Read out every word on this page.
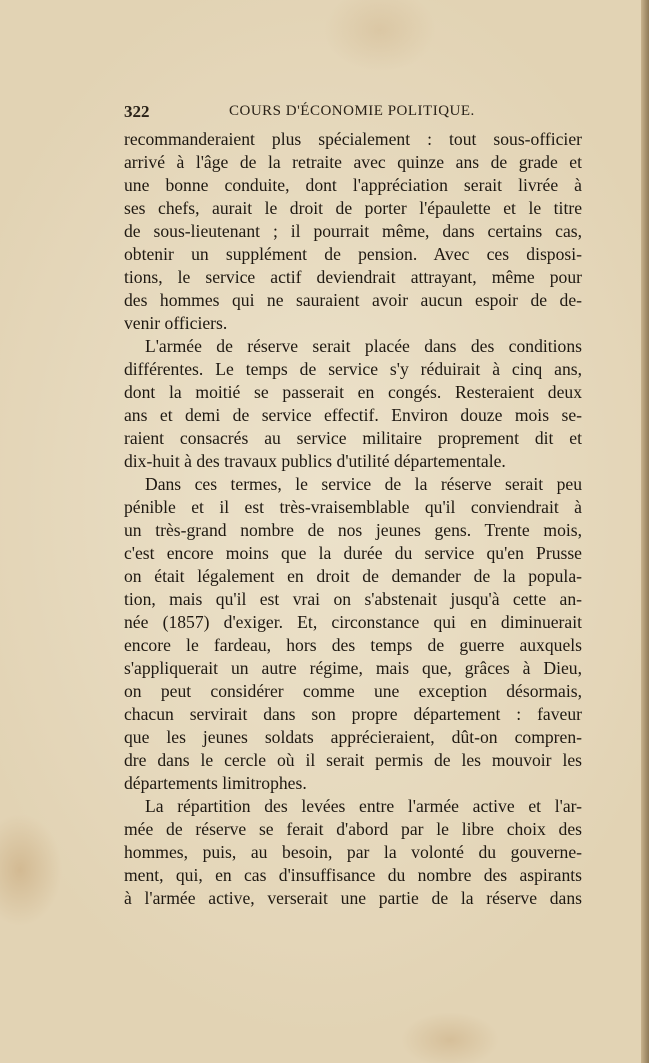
322	COURS D'ÉCONOMIE POLITIQUE.
recommanderaient plus spécialement : tout sous-officier
arrivé à l'âge de la retraite avec quinze ans de grade et
une bonne conduite, dont l'appréciation serait livrée à
ses chefs, aurait le droit de porter l'épaulette et le titre
de sous-lieutenant ; il pourrait même, dans certains cas,
obtenir un supplément de pension. Avec ces disposi-
tions, le service actif deviendrait attrayant, même pour
des hommes qui ne sauraient avoir aucun espoir de de-
venir officiers.
L'armée de réserve serait placée dans des conditions
différentes. Le temps de service s'y réduirait à cinq ans,
dont la moitié se passerait en congés. Resteraient deux
ans et demi de service effectif. Environ douze mois se-
raient consacrés au service militaire proprement dit et
dix-huit à des travaux publics d'utilité départementale.
Dans ces termes, le service de la réserve serait peu
pénible et il est très-vraisemblable qu'il conviendrait à
un très-grand nombre de nos jeunes gens. Trente mois,
c'est encore moins que la durée du service qu'en Prusse
on était légalement en droit de demander de la popula-
tion, mais qu'il est vrai on s'abstenait jusqu'à cette an-
née (1857) d'exiger. Et, circonstance qui en diminuerait
encore le fardeau, hors des temps de guerre auxquels
s'appliquerait un autre régime, mais que, grâces à Dieu,
on peut considérer comme une exception désormais,
chacun servirait dans son propre département : faveur
que les jeunes soldats apprécieraient, dût-on compren-
dre dans le cercle où il serait permis de les mouvoir les
départements limitrophes.
La répartition des levées entre l'armée active et l'ar-
mée de réserve se ferait d'abord par le libre choix des
hommes, puis, au besoin, par la volonté du gouverne-
ment, qui, en cas d'insuffisance du nombre des aspirants
à l'armée active, verserait une partie de la réserve dans
